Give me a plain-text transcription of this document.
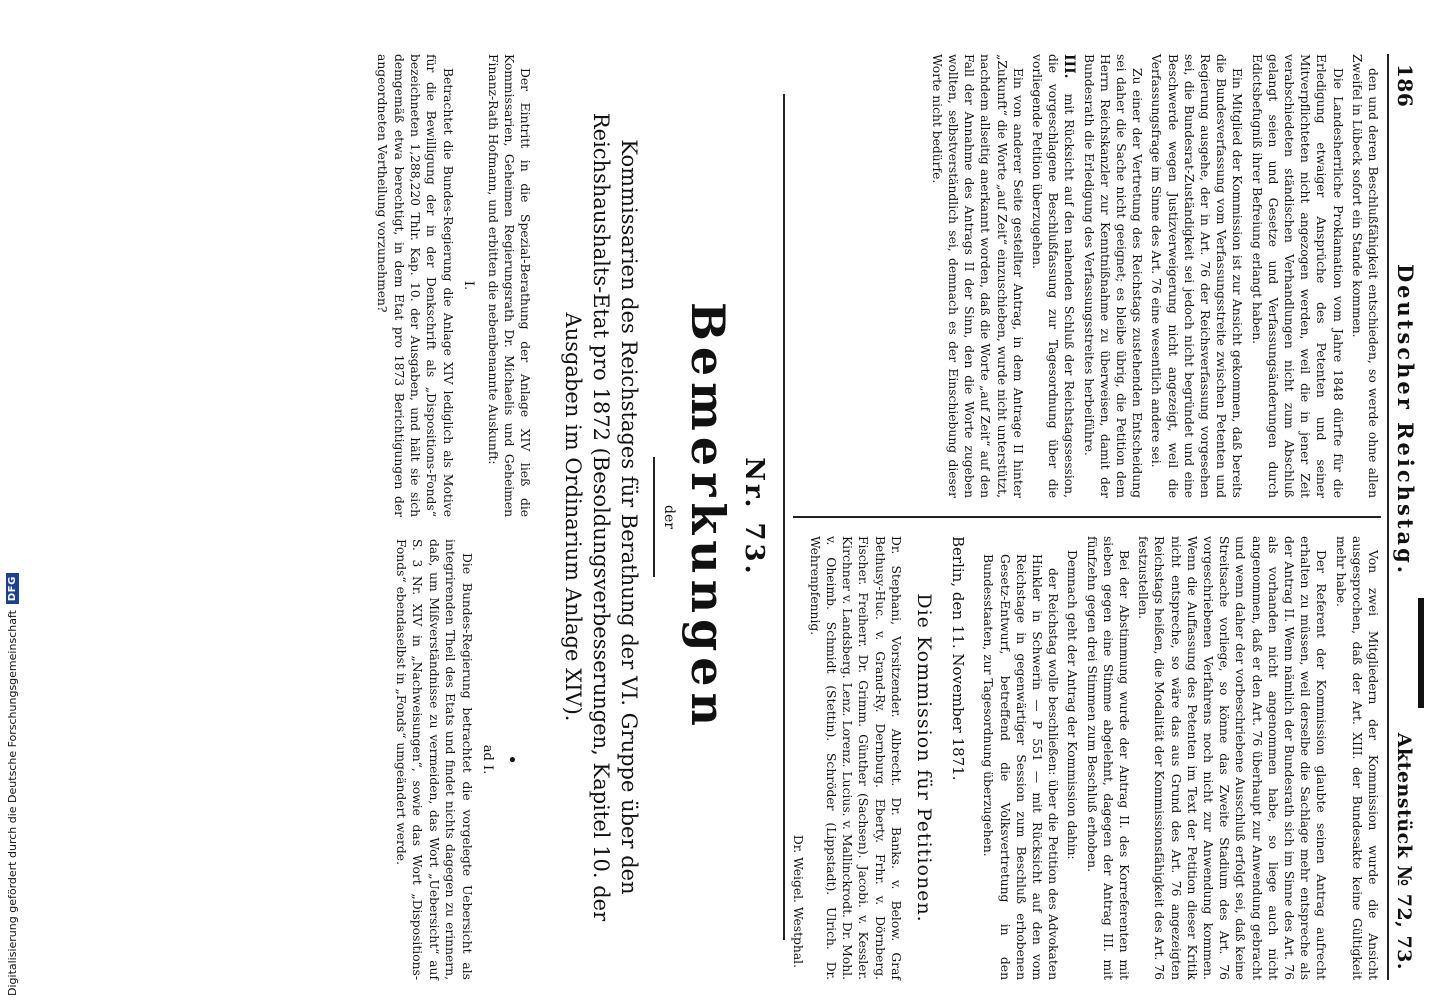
186
Deutscher Reichstag.
Aktenstück № 72, 73.

den und deren Beschlußfähigkeit entschieden, so werde ohne allen Zweifel in Lübeck sofort ein Stande kommen.

Die Landesherrliche Proklamation vom Jahre 1848 dürfte für die Erledigung etwaiger Ansprüche des Petenten und seiner Mitverpflichteten nicht angezogen werden, weil die in jener Zeit verabschiedeten ständischen Verhandlungen nicht zum Abschluß gelangt seien und Gesetze und Verfassungsänderungen durch Edictsbefugniß ihrer Befreiung erlangt haben.

Ein Mitglied der Kommission ist zur Ansicht gekommen, daß bereits die Bundesverfassung vom Verfassungsstreite zwischen Petenten und Regierung ausgehe, der in Art. 76 der Reichsverfassung vorgesehen sei, die Bundesrat-Zuständigkeit sei jedoch nicht begründet und eine Beschwerde wegen Justizverweigerung nicht angezeigt, weil die Verfassungsfrage im Sinne des Art. 76 eine wesentlich andere sei.

Zu einer der Vertretung des Reichstags zustehenden Entscheidung sei daher die Sache nicht geeignet; es bleibe übrig, die Petition dem Herrn Reichskanzler zur Kenntnißnahme zu überweisen, damit der Bundesrath die Erledigung des Verfassungsstreites herbeiführe.

III. mit Rücksicht auf den nahenden Schluß der Reichstagssession, die vorgeschlagene Beschlußfassung zur Tagesordnung über die vorliegende Petition überzugehen.

Ein von anderer Seite gestellter Antrag, in dem Antrage II hinter „Zukunft“ die Worte „auf Zeit“ einzuschieben, wurde nicht unterstützt, nachdem allseitig anerkannt worden, daß die Worte „auf Zeit“ auf den Fall der Annahme des Antrags II der Sinn, den die Worte zugeben wollten, selbstverständlich sei, demnach es der Einschiebung dieser Worte nicht bedürfe.

Von zwei Mitgliedern der Kommission wurde die Ansicht ausgesprochen, daß der Art. XIII. der Bundesakte keine Gültigkeit mehr habe.

Der Referent der Kommission glaubte seinen Antrag aufrecht erhalten zu müssen, weil derselbe die Sachlage mehr entspreche als der Antrag II. Wenn nämlich der Bundesrath sich im Sinne des Art. 76 als vorhanden nicht angenommen habe, so liege auch nicht angenommen, daß er den Art. 76 überhaupt zur Anwendung gebracht und wenn daher der vorbeschriebene Ausschluß erfolgt sei, daß keine Streitsache vorliege, so könne das Zweite Stadium des Art. 76 vorgeschriebenen Verfahrens noch nicht zur Anwendung kommen. Wenn die Auffassung des Petenten im Text der Petition dieser Kritik nicht entspreche, so wäre das aus Grund des Art. 76 angezeigten Reichstags heißen, die Modalität der Kommissionsfähigkeit des Art. 76 festzustellen.

Bei der Abstimmung wurde der Antrag II. des Korreferenten mit sieben gegen eine Stimme abgelehnt, dagegen der Antrag III. mit fünfzehn gegen drei Stimmen zum Beschluß erhoben.

Demnach geht der Antrag der Kommission dahin:

der Reichstag wolle beschließen: über die Petition des Advokaten Hinkler in Schwerin — P 551 — mit Rücksicht auf den vom Reichstage in gegenwärtiger Session zum Beschluß erhobenen Gesetz-Entwurf, betreffend die Volksvertretung in den Bundesstaaten, zur Tagesordnung überzugehen.

Berlin, den 11. November 1871.
Die Kommission für Petitionen.
Dr. Stephani, Vorsitzender. Albrecht. Dr. Banks. v. Below. Graf Bethusy-Huc. v. Grand-Ry. Dernburg. Eberty. Frhr. v. Dörnberg. Fischer. Freiherr. Dr. Grimm. Günther (Sachsen). Jacobi. v. Kessler. Kirchner v. Landsberg. Lenz. Lorenz. Lucius. v. Mallinckrodt. Dr. Mohl. v. Oheimb. Schmidt (Stettin). Schröder (Lippstadt). Ulrich. Dr. Wehrenpfennig.
Dr. Weigel. Westphal.
Nr. 73.
Bemerkungen
der
Kommissarien des Reichstages für Berathung der VI. Gruppe über den Reichshaushalts-Etat pro 1872 (Besoldungsverbesserungen, Kapitel 10. der Ausgaben im Ordinarium Anlage XIV).

Der Eintritt in die Spezial-Berathung der Anlage XIV ließ die Kommissarien, Geheimen Regierungsrath Dr. Michaelis und Geheimen Finanz-Rath Hofmann, und erbitten die nebenbenannte Auskunft:

I.

Betrachtet die Bundes-Regierung die Anlage XIV lediglich als Motive für die Bewilligung der in der Denkschrift als „Dispositions-Fonds“ bezeichneten 1,288,220 Thlr. Kap. 10. der Ausgaben, und hält sie sich demgemäß etwa berechtigt, in dem Etat pro 1873 Berichtigungen der angeordneten Vertheilung vorzunehmen?

•
ad I.

Die Bundes-Regierung betrachtet die vorgelegte Uebersicht als integrirenden Theil des Etats und findet nichts dagegen zu erinnern, daß, um Mißverständnisse zu vermeiden, das Wort „Uebersicht“ auf S. 3 Nr. XIV in „Nachweisungen“, sowie das Wort „Dispositions-Fonds“ ebendaselbst in „Fonds“ umgeändert werde.

Digitalisierung gefördert durch die Deutsche Forschungsgemeinschaft
DFG
